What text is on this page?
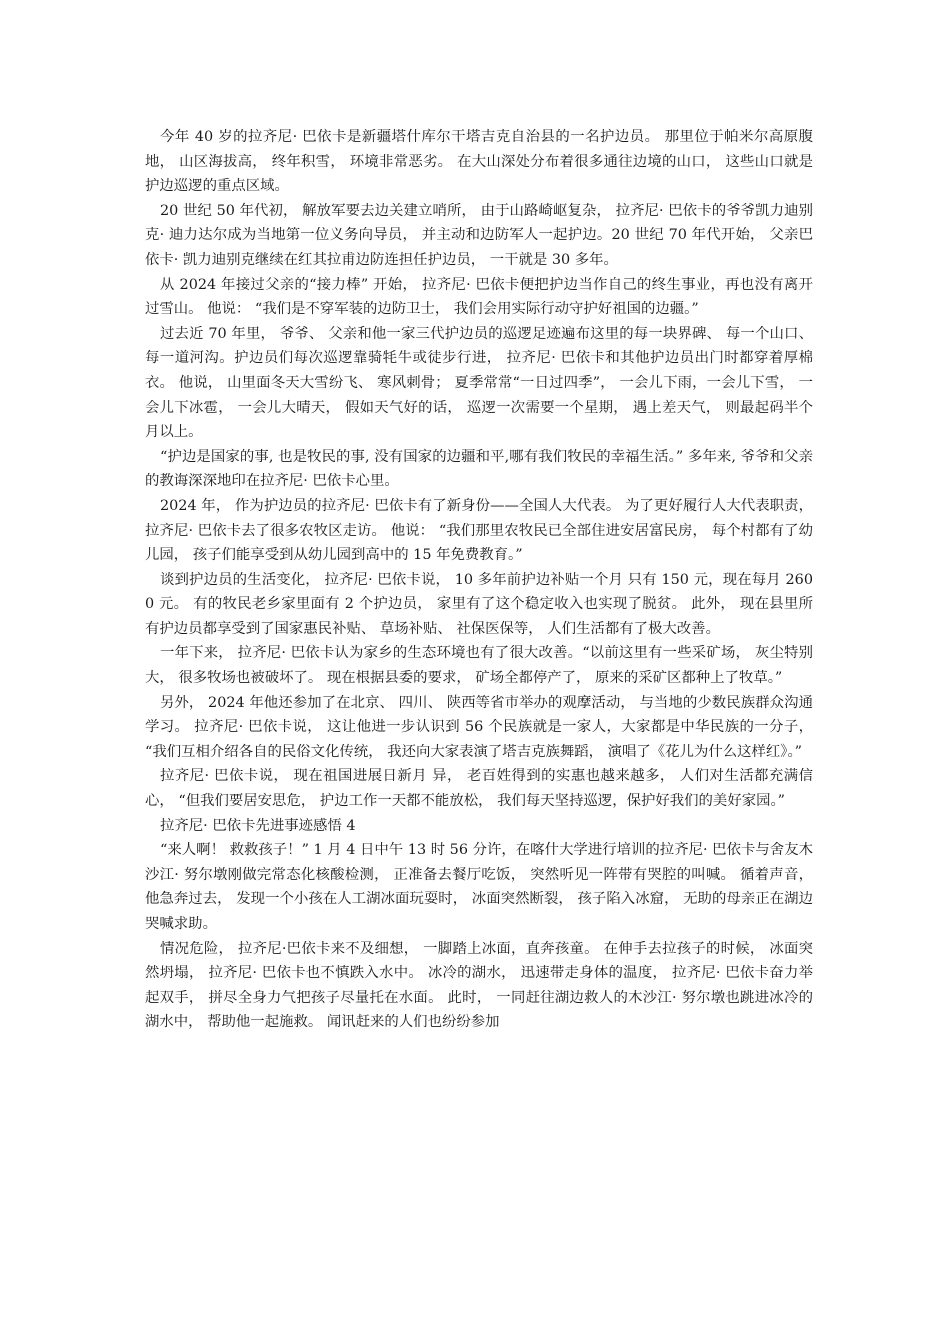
今年 40 岁的拉齐尼· 巴依卡是新疆塔什库尔干塔吉克自治县的一名护边员。 那里位于帕米尔高原腹地， 山区海拔高， 终年积雪， 环境非常恶劣。 在大山深处分布着很多通往边境的山口， 这些山口就是护边巡逻的重点区域。

20 世纪 50 年代初， 解放军要去边关建立哨所， 由于山路崎岖复杂， 拉齐尼· 巴依卡的爷爷凯力迪别克· 迪力达尔成为当地第一位义务向导员， 并主动和边防军人一起护边。20 世纪 70 年代开始， 父亲巴依卡· 凯力迪别克继续在红其拉甫边防连担任护边员， 一干就是 30 多年。

从 2024 年接过父亲的“接力棒” 开始， 拉齐尼· 巴依卡便把护边当作自己的终生事业，再也没有离开过雪山。 他说： “我们是不穿军装的边防卫士， 我们会用实际行动守护好祖国的边疆。”

过去近 70 年里， 爷爷、 父亲和他一家三代护边员的巡逻足迹遍布这里的每一块界碑、 每一个山口、 每一道河沟。护边员们每次巡逻靠骑牦牛或徒步行进， 拉齐尼· 巴依卡和其他护边员出门时都穿着厚棉衣。 他说， 山里面冬天大雪纷飞、 寒风刺骨； 夏季常常“一日过四季”， 一会儿下雨，一会儿下雪， 一会儿下冰雹， 一会儿大晴天， 假如天气好的话， 巡逻一次需要一个星期， 遇上差天气， 则最起码半个月以上。

“护边是国家的事, 也是牧民的事, 没有国家的边疆和平,哪有我们牧民的幸福生活。” 多年来, 爷爷和父亲的教诲深深地印在拉齐尼· 巴依卡心里。

2024 年， 作为护边员的拉齐尼· 巴依卡有了新身份——全国人大代表。 为了更好履行人大代表职责， 拉齐尼· 巴依卡去了很多农牧区走访。 他说： “我们那里农牧民已全部住进安居富民房， 每个村都有了幼儿园， 孩子们能享受到从幼儿园到高中的 15 年免费教育。”

谈到护边员的生活变化， 拉齐尼· 巴依卡说， 10 多年前护边补贴一个月 只有 150 元，现在每月 2600 元。 有的牧民老乡家里面有 2 个护边员， 家里有了这个稳定收入也实现了脱贫。 此外， 现在县里所有护边员都享受到了国家惠民补贴、 草场补贴、 社保医保等， 人们生活都有了极大改善。

一年下来， 拉齐尼· 巴依卡认为家乡的生态环境也有了很大改善。“以前这里有一些采矿场， 灰尘特别大， 很多牧场也被破坏了。 现在根据县委的要求， 矿场全都停产了， 原来的采矿区都种上了牧草。”

另外， 2024 年他还参加了在北京、 四川、 陕西等省市举办的观摩活动， 与当地的少数民族群众沟通学习。 拉齐尼· 巴依卡说， 这让他进一步认识到 56 个民族就是一家人，大家都是中华民族的一分子， “我们互相介绍各自的民俗文化传统， 我还向大家表演了塔吉克族舞蹈， 演唱了《花儿为什么这样红》。”

拉齐尼· 巴依卡说， 现在祖国进展日新月 异， 老百姓得到的实惠也越来越多， 人们对生活都充满信心， “但我们要居安思危， 护边工作一天都不能放松， 我们每天坚持巡逻，保护好我们的美好家园。”

拉齐尼· 巴依卡先进事迹感悟 4

“来人啊！ 救救孩子！” 1 月 4 日中午 13 时 56 分许，在喀什大学进行培训的拉齐尼· 巴依卡与舍友木沙江· 努尔墩刚做完常态化核酸检测， 正准备去餐厅吃饭， 突然听见一阵带有哭腔的叫喊。 循着声音， 他急奔过去， 发现一个小孩在人工湖冰面玩耍时， 冰面突然断裂， 孩子陷入冰窟， 无助的母亲正在湖边哭喊求助。

情况危险， 拉齐尼·巴依卡来不及细想， 一脚踏上冰面，直奔孩童。 在伸手去拉孩子的时候， 冰面突然坍塌， 拉齐尼· 巴依卡也不慎跌入水中。 冰冷的湖水， 迅速带走身体的温度， 拉齐尼· 巴依卡奋力举起双手， 拼尽全身力气把孩子尽量托在水面。 此时， 一同赶往湖边救人的木沙江· 努尔墩也跳进冰冷的湖水中， 帮助他一起施救。 闻讯赶来的人们也纷纷参加
